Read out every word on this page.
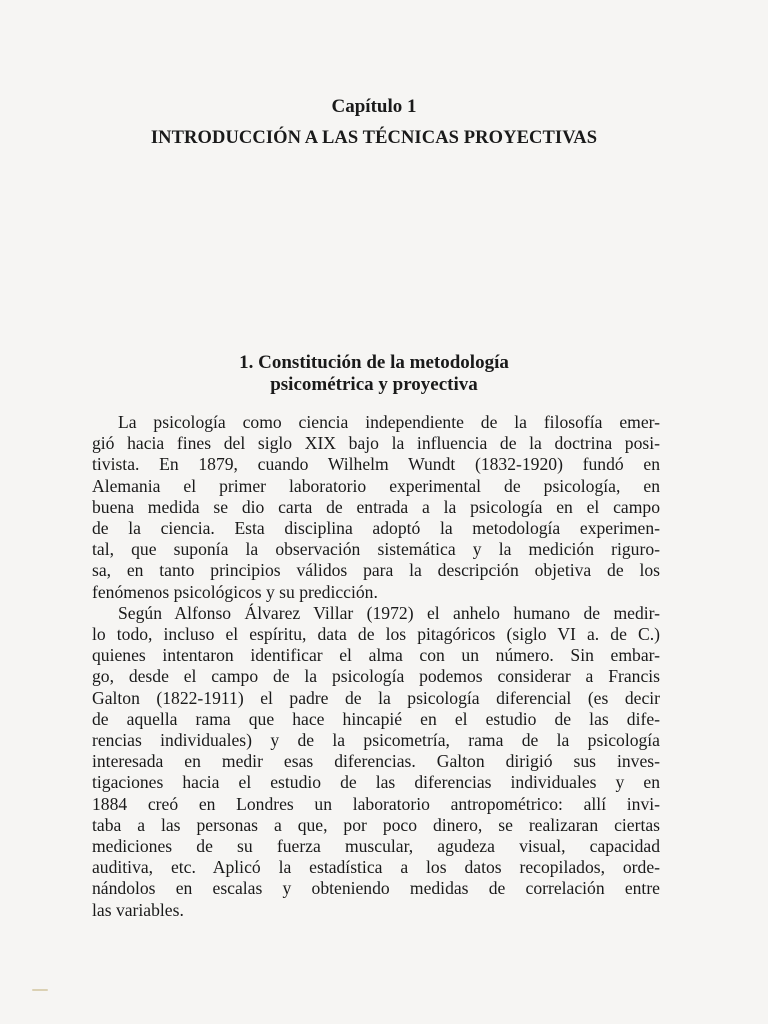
Capítulo 1
INTRODUCCIÓN A LAS TÉCNICAS PROYECTIVAS
1. Constitución de la metodología
psicométrica y proyectiva
La psicología como ciencia independiente de la filosofía emer-
gió hacia fines del siglo XIX bajo la influencia de la doctrina posi-
tivista. En 1879, cuando Wilhelm Wundt (1832-1920) fundó en
Alemania el primer laboratorio experimental de psicología, en
buena medida se dio carta de entrada a la psicología en el campo
de la ciencia. Esta disciplina adoptó la metodología experimen-
tal, que suponía la observación sistemática y la medición riguro-
sa, en tanto principios válidos para la descripción objetiva de los
fenómenos psicológicos y su predicción.
Según Alfonso Álvarez Villar (1972) el anhelo humano de medir-
lo todo, incluso el espíritu, data de los pitagóricos (siglo VI a. de C.)
quienes intentaron identificar el alma con un número. Sin embar-
go, desde el campo de la psicología podemos considerar a Francis
Galton (1822-1911) el padre de la psicología diferencial (es decir
de aquella rama que hace hincapié en el estudio de las dife-
rencias individuales) y de la psicometría, rama de la psicología
interesada en medir esas diferencias. Galton dirigió sus inves-
tigaciones hacia el estudio de las diferencias individuales y en
1884 creó en Londres un laboratorio antropométrico: allí invi-
taba a las personas a que, por poco dinero, se realizaran ciertas
mediciones de su fuerza muscular, agudeza visual, capacidad
auditiva, etc. Aplicó la estadística a los datos recopilados, orde-
nándolos en escalas y obteniendo medidas de correlación entre
las variables.
